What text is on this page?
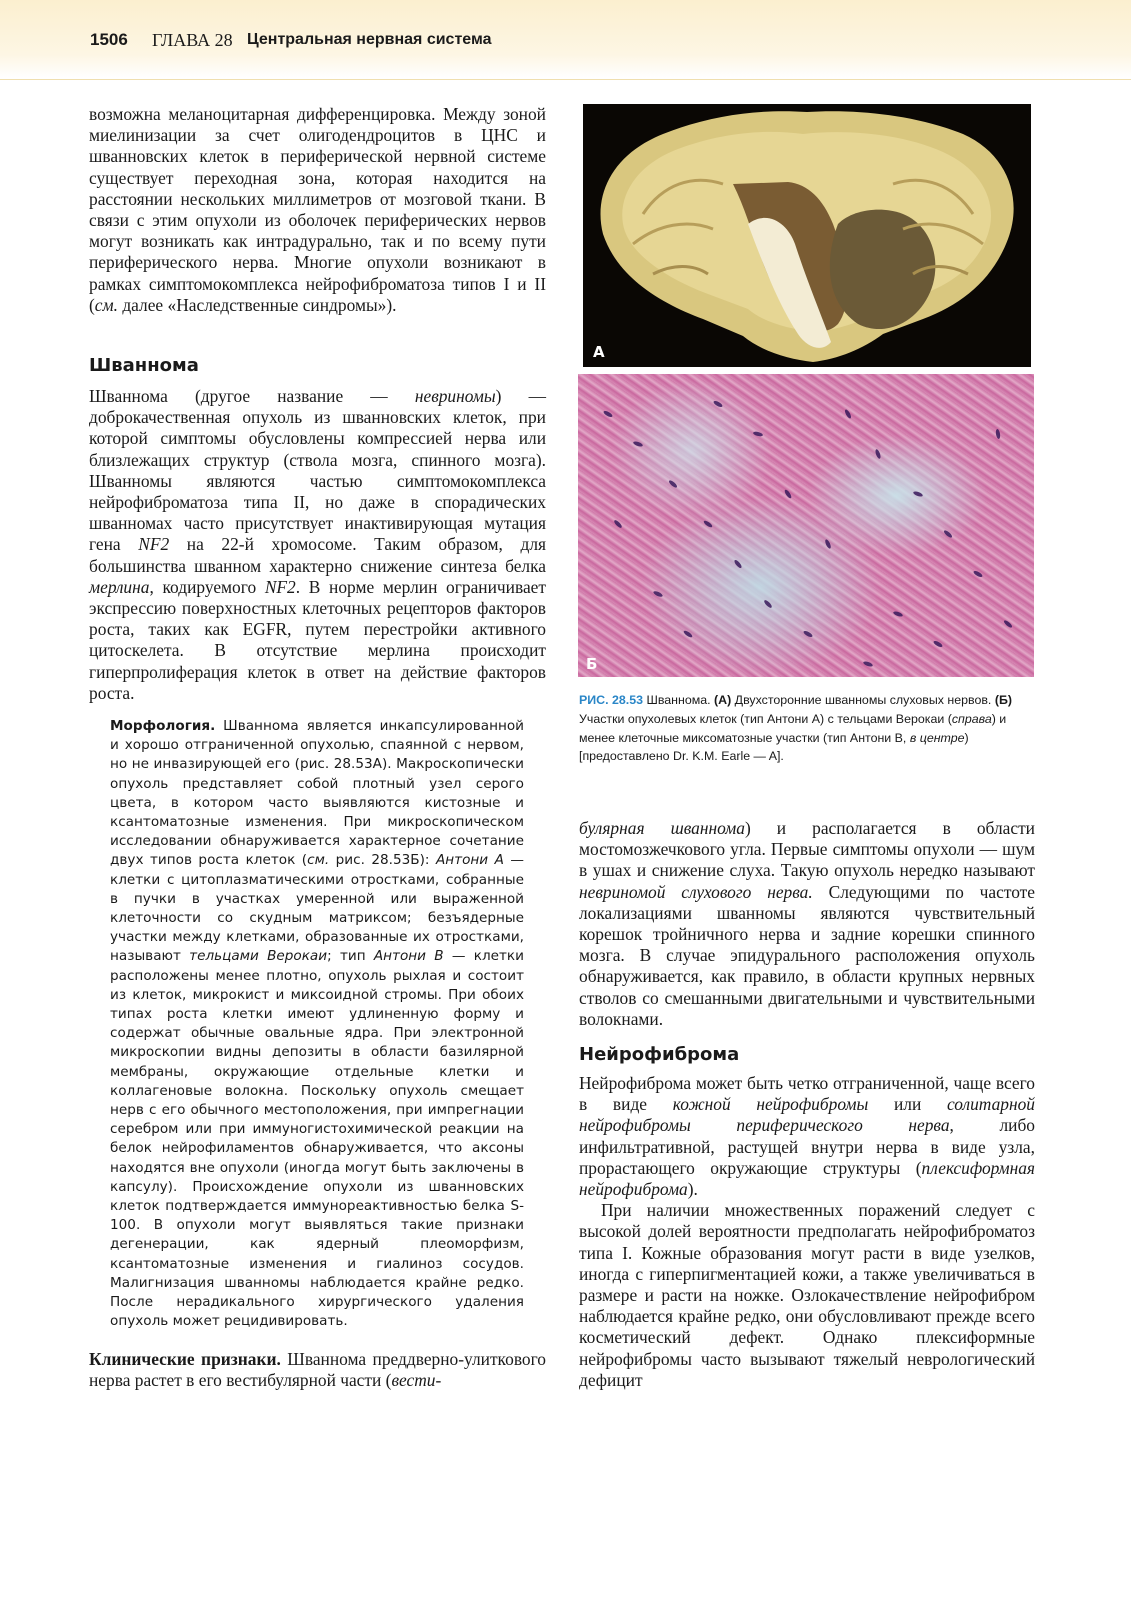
1506 ГЛАВА 28 Центральная нервная система

возможна меланоцитарная дифференцировка. Между зоной миелинизации за счет олигодендроцитов в ЦНС и шванновских клеток в периферической нервной системе существует переходная зона, которая находится на расстоянии нескольких миллиметров от мозговой ткани. В связи с этим опухоли из оболочек периферических нервов могут возникать как интрадурально, так и по всему пути периферического нерва. Многие опухоли возникают в рамках симптомокомплекса нейрофиброматоза типов I и II (см. далее «Наследственные синдромы»).

Шваннома

Шваннома (другое название — невриномы) — доброкачественная опухоль из шванновских клеток, при которой симптомы обусловлены компрессией нерва или близлежащих структур (ствола мозга, спинного мозга). Шванномы являются частью симптомокомплекса нейрофиброматоза типа II, но даже в спорадических шванномах часто присутствует инактивирующая мутация гена NF2 на 22-й хромосоме. Таким образом, для большинства шванном характерно снижение синтеза белка мерлина, кодируемого NF2. В норме мерлин ограничивает экспрессию поверхностных клеточных рецепторов факторов роста, таких как EGFR, путем перестройки активного цитоскелета. В отсутствие мерлина происходит гиперпролиферация клеток в ответ на действие факторов роста.

Морфология. Шваннома является инкапсулированной и хорошо отграниченной опухолью, спаянной с нервом, но не инвазирующей его (рис. 28.53А). Макроскопически опухоль представляет собой плотный узел серого цвета, в котором часто выявляются кистозные и ксантоматозные изменения. При микроскопическом исследовании обнаруживается характерное сочетание двух типов роста клеток (см. рис. 28.53Б): Антони А — клетки с цитоплазматическими отростками, собранные в пучки в участках умеренной или выраженной клеточности со скудным матриксом; безъядерные участки между клетками, образованные их отростками, называют тельцами Верокаи; тип Антони В — клетки расположены менее плотно, опухоль рыхлая и состоит из клеток, микрокист и миксоидной стромы. При обоих типах роста клетки имеют удлиненную форму и содержат обычные овальные ядра. При электронной микроскопии видны депозиты в области базилярной мембраны, окружающие отдельные клетки и коллагеновые волокна. Поскольку опухоль смещает нерв с его обычного местоположения, при импрегнации серебром или при иммуногистохимической реакции на белок нейрофиламентов обнаруживается, что аксоны находятся вне опухоли (иногда могут быть заключены в капсулу). Происхождение опухоли из шванновских клеток подтверждается иммунореактивностью белка S-100. В опухоли могут выявляться такие признаки дегенерации, как ядерный плеоморфизм, ксантоматозные изменения и гиалиноз сосудов. Малигнизация шванномы наблюдается крайне редко. После нерадикального хирургического удаления опухоль может рецидивировать.

Клинические признаки. Шваннома преддверно-улиткового нерва растет в его вестибулярной части (вести-

А
Б
РИС. 28.53 Шваннома. (А) Двухсторонние шванномы слуховых нервов. (Б) Участки опухолевых клеток (тип Антони А) с тельцами Верокаи (справа) и менее клеточные миксоматозные участки (тип Антони В, в центре) [предоставлено Dr. K.M. Earle — A].

булярная шваннома) и располагается в области мостомозжечкового угла. Первые симптомы опухоли — шум в ушах и снижение слуха. Такую опухоль нередко называют невриномой слухового нерва. Следующими по частоте локализациями шванномы являются чувствительный корешок тройничного нерва и задние корешки спинного мозга. В случае эпидурального расположения опухоль обнаруживается, как правило, в области крупных нервных стволов со смешанными двигательными и чувствительными волокнами.

Нейрофиброма

Нейрофиброма может быть четко отграниченной, чаще всего в виде кожной нейрофибромы или солитарной нейрофибромы периферического нерва, либо инфильтративной, растущей внутри нерва в виде узла, прорастающего окружающие структуры (плексиформная нейрофиброма).

При наличии множественных поражений следует с высокой долей вероятности предполагать нейрофиброматоз типа I. Кожные образования могут расти в виде узелков, иногда с гиперпигментацией кожи, а также увеличиваться в размере и расти на ножке. Озлокачествление нейрофибром наблюдается крайне редко, они обусловливают прежде всего косметический дефект. Однако плексиформные нейрофибромы часто вызывают тяжелый неврологический дефицит
